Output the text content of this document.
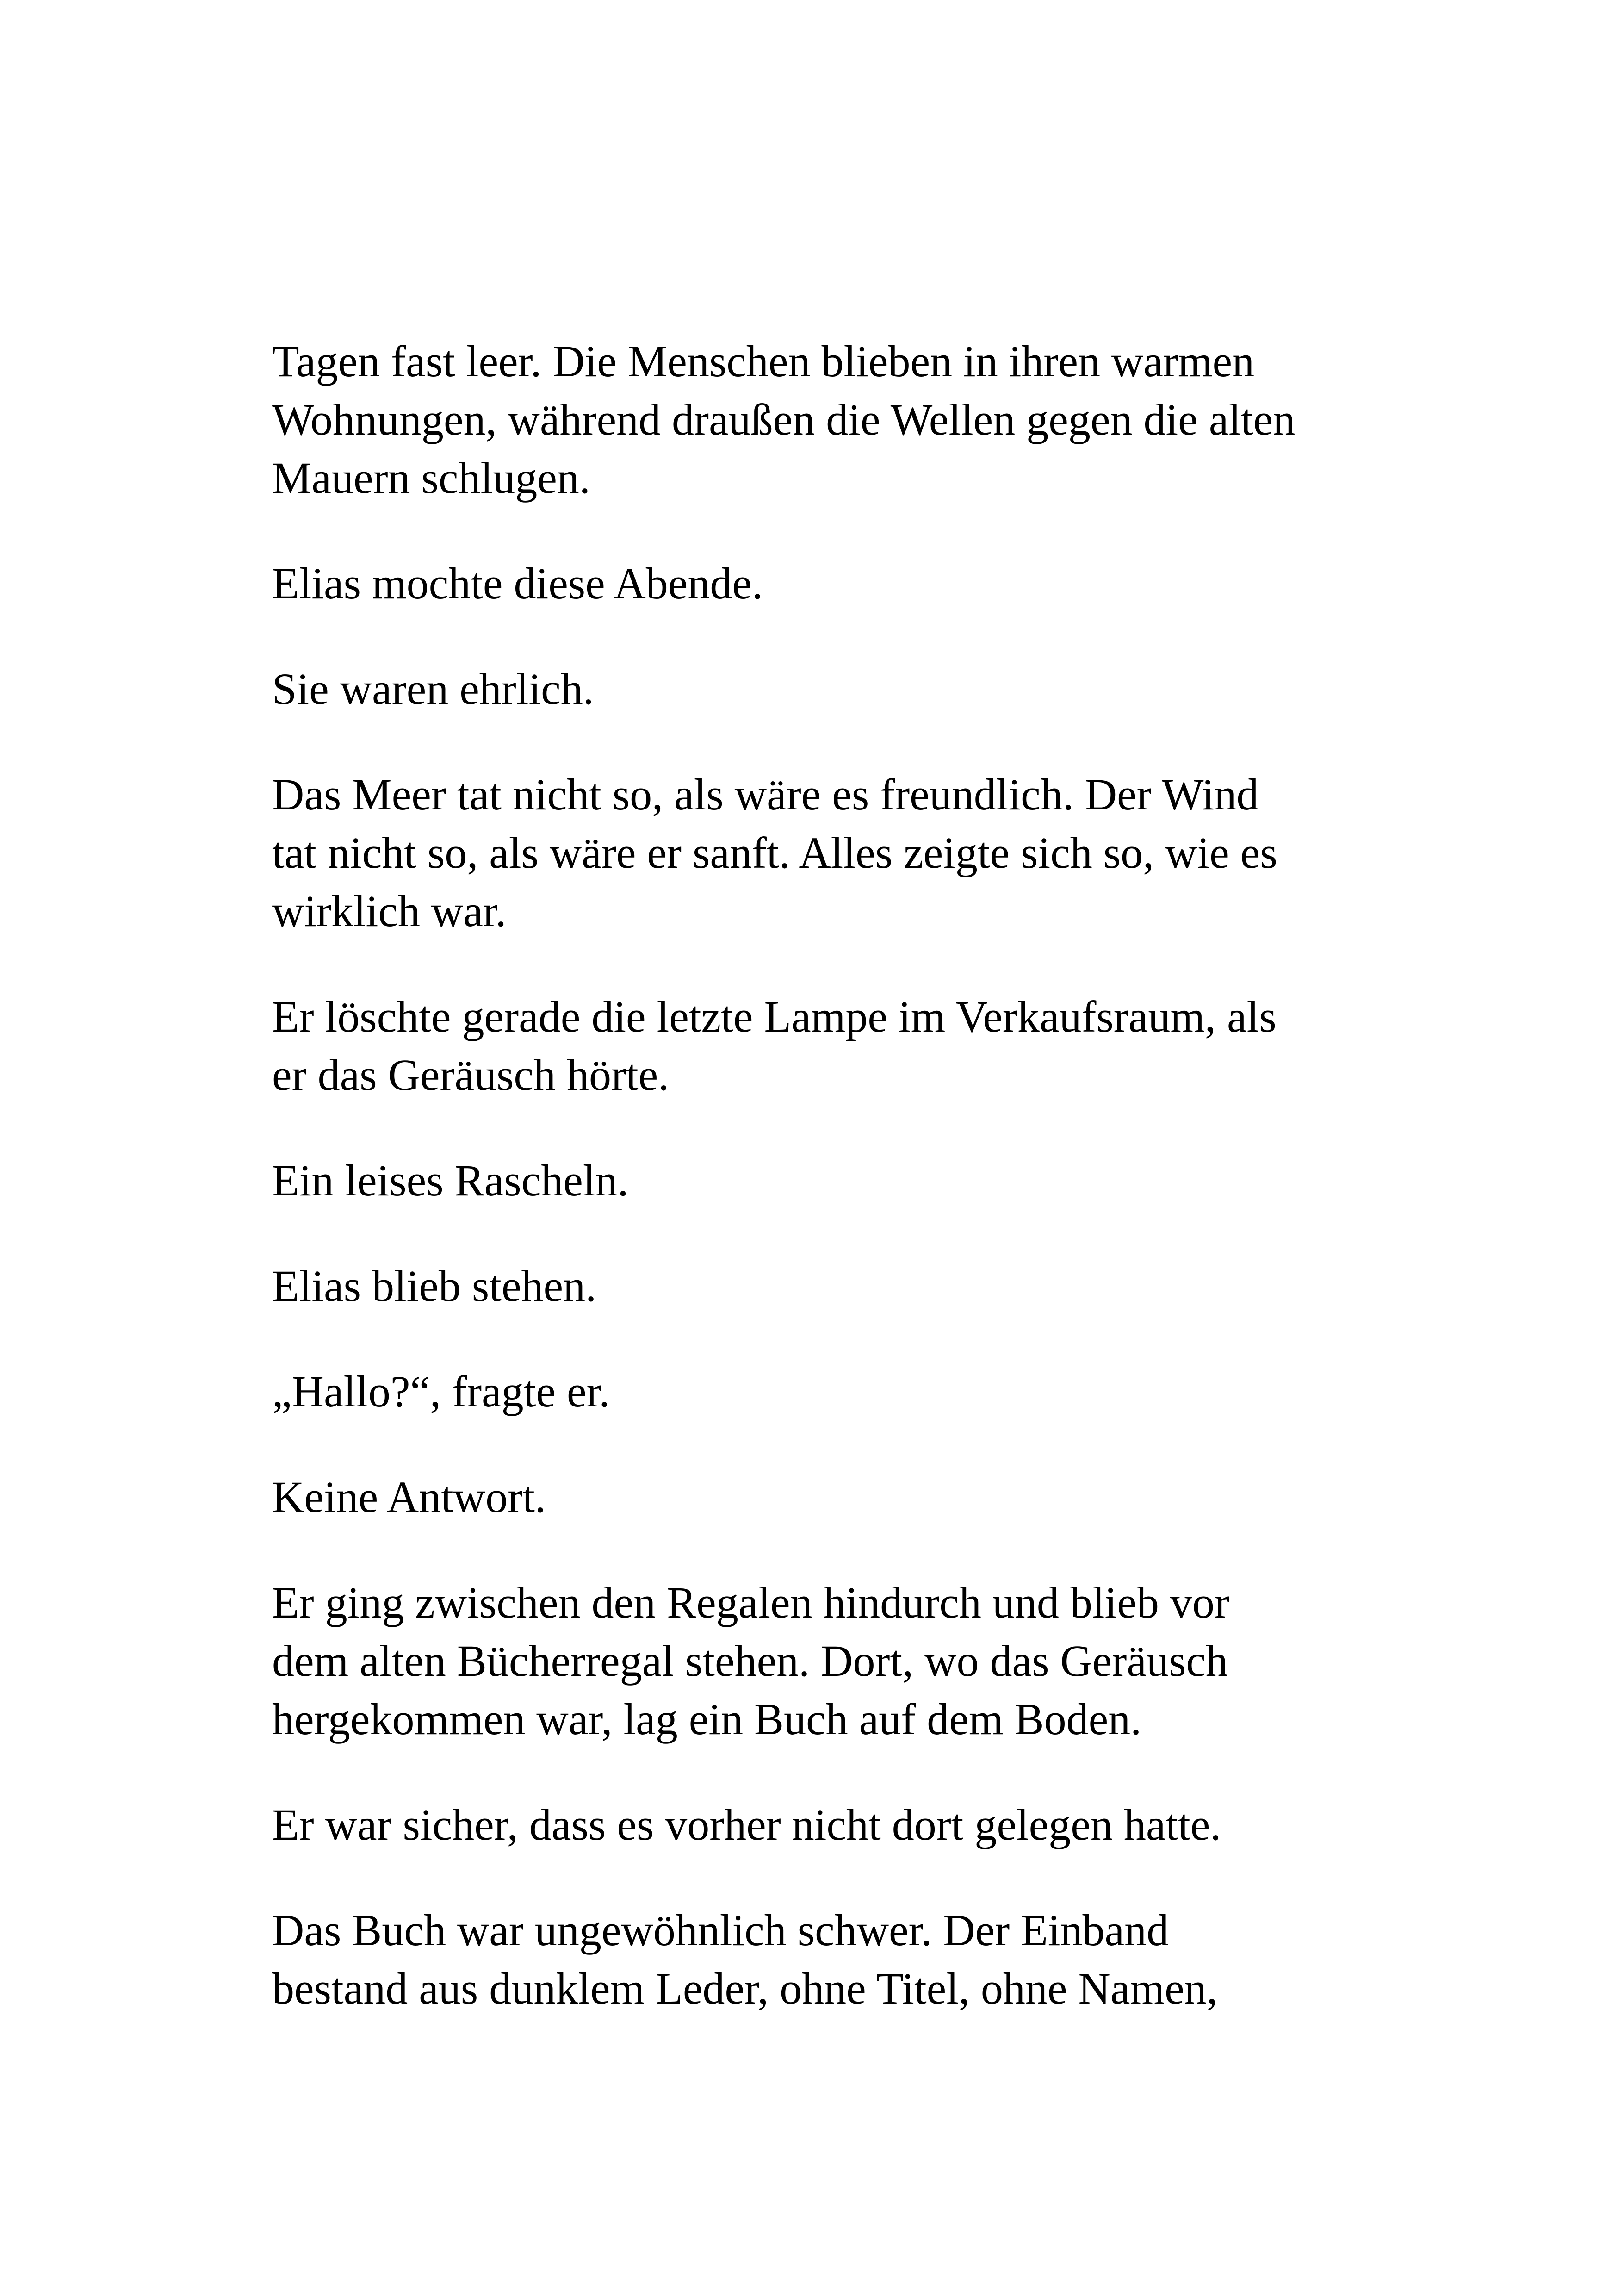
Tagen fast leer. Die Menschen blieben in ihren warmen
Wohnungen, während draußen die Wellen gegen die alten
Mauern schlugen.

Elias mochte diese Abende.

Sie waren ehrlich.

Das Meer tat nicht so, als wäre es freundlich. Der Wind
tat nicht so, als wäre er sanft. Alles zeigte sich so, wie es
wirklich war.

Er löschte gerade die letzte Lampe im Verkaufsraum, als
er das Geräusch hörte.

Ein leises Rascheln.

Elias blieb stehen.

„Hallo?“, fragte er.

Keine Antwort.

Er ging zwischen den Regalen hindurch und blieb vor
dem alten Bücherregal stehen. Dort, wo das Geräusch
hergekommen war, lag ein Buch auf dem Boden.

Er war sicher, dass es vorher nicht dort gelegen hatte.

Das Buch war ungewöhnlich schwer. Der Einband
bestand aus dunklem Leder, ohne Titel, ohne Namen,
